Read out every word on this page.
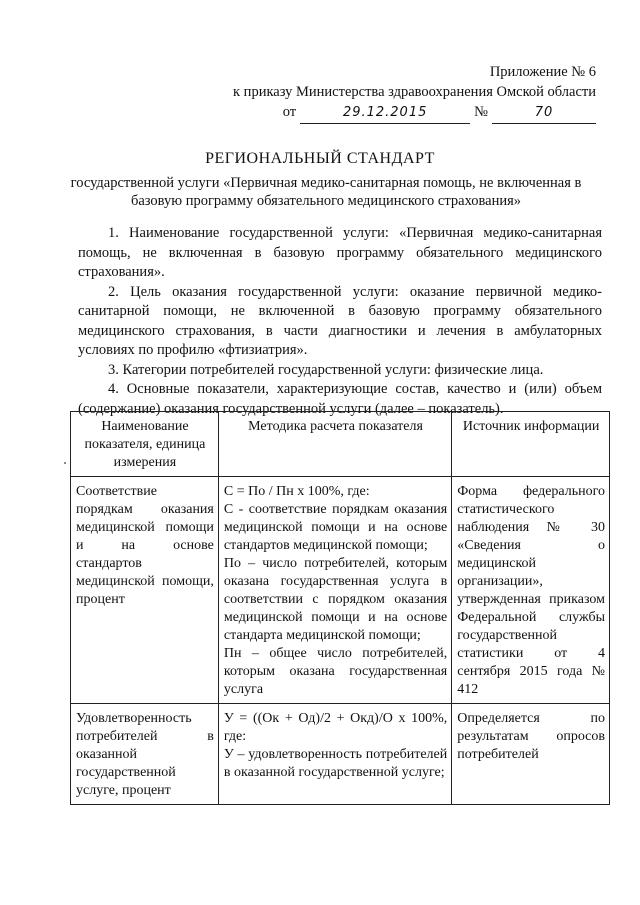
Приложение № 6
к приказу Министерства здравоохранения Омской области
от	29.12.2015	№	70
РЕГИОНАЛЬНЫЙ СТАНДАРТ
государственной услуги «Первичная медико-санитарная помощь, не включенная в базовую программу обязательного медицинского страхования»

1. Наименование государственной услуги: «Первичная медико-санитарная помощь, не включенная в базовую программу обязательного медицинского страхования».

2. Цель оказания государственной услуги: оказание первичной медико-санитарной помощи, не включенной в базовую программу обязательного медицинского страхования, в части диагностики и лечения в амбулаторных условиях по профилю «фтизиатрия».

3. Категории потребителей государственной услуги: физические лица.

4. Основные показатели, характеризующие состав, качество и (или) объем (содержание) оказания государственной услуги (далее – показатель).

Наименование показателя, единица измерения	Методика расчета показателя	Источник информации
Соответствие порядкам оказания медицинской помощи и на основе стандартов медицинской помощи, процент	С = По / Пн х 100%, где:
С - соответствие порядкам оказания медицинской помощи и на основе стандартов медицинской помощи;
По – число потребителей, которым оказана государственная услуга в соответствии с порядком оказания медицинской помощи и на основе стандарта медицинской помощи;
Пн – общее число потребителей, которым оказана государственная услуга	Форма федерального статистического наблюдения № 30 «Сведения о медицинской организации», утвержденная приказом Федеральной службы государственной статистики от 4 сентября 2015 года № 412
Удовлетворенность потребителей в оказанной государственной услуге, процент	У = ((Ок + Од)/2 + Окд)/О х 100%, где:
У – удовлетворенность потребителей в оказанной государственной услуге;	Определяется по результатам опросов потребителей
